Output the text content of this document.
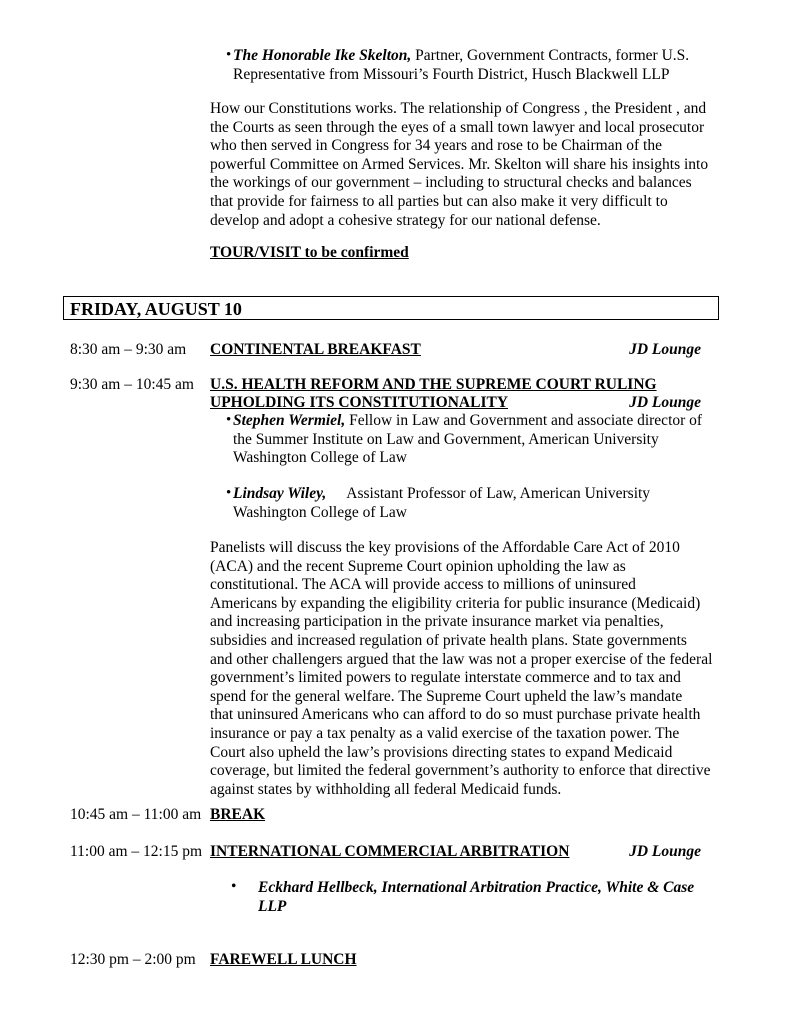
• The Honorable Ike Skelton, Partner, Government Contracts, former U.S.
Representative from Missouri’s Fourth District, Husch Blackwell LLP
How our Constitutions works. The relationship of Congress , the President , and
the Courts as seen through the eyes of a small town lawyer and local prosecutor
who then served in Congress for 34 years and rose to be Chairman of the
powerful Committee on Armed Services. Mr. Skelton will share his insights into
the workings of our government – including to structural checks and balances
that provide for fairness to all parties but can also make it very difficult to
develop and adopt a cohesive strategy for our national defense.
TOUR/VISIT to be confirmed
FRIDAY, AUGUST 10
8:30 am – 9:30 am CONTINENTAL BREAKFAST	JD Lounge
9:30 am – 10:45 am U.S. HEALTH REFORM AND THE SUPREME COURT RULING
UPHOLDING ITS CONSTITUTIONALITY	JD Lounge
• Stephen Wermiel, Fellow in Law and Government and associate director of
the Summer Institute on Law and Government, American University
Washington College of Law
• Lindsay Wiley, Assistant Professor of Law, American University
Washington College of Law
Panelists will discuss the key provisions of the Affordable Care Act of 2010
(ACA) and the recent Supreme Court opinion upholding the law as
constitutional. The ACA will provide access to millions of uninsured
Americans by expanding the eligibility criteria for public insurance (Medicaid)
and increasing participation in the private insurance market via penalties,
subsidies and increased regulation of private health plans. State governments
and other challengers argued that the law was not a proper exercise of the federal
government’s limited powers to regulate interstate commerce and to tax and
spend for the general welfare. The Supreme Court upheld the law’s mandate
that uninsured Americans who can afford to do so must purchase private health
insurance or pay a tax penalty as a valid exercise of the taxation power. The
Court also upheld the law’s provisions directing states to expand Medicaid
coverage, but limited the federal government’s authority to enforce that directive
against states by withholding all federal Medicaid funds.
10:45 am – 11:00 am BREAK
11:00 am – 12:15 pm INTERNATIONAL COMMERCIAL ARBITRATION	JD Lounge
• Eckhard Hellbeck, International Arbitration Practice, White & Case
LLP
12:30 pm – 2:00 pm FAREWELL LUNCH
